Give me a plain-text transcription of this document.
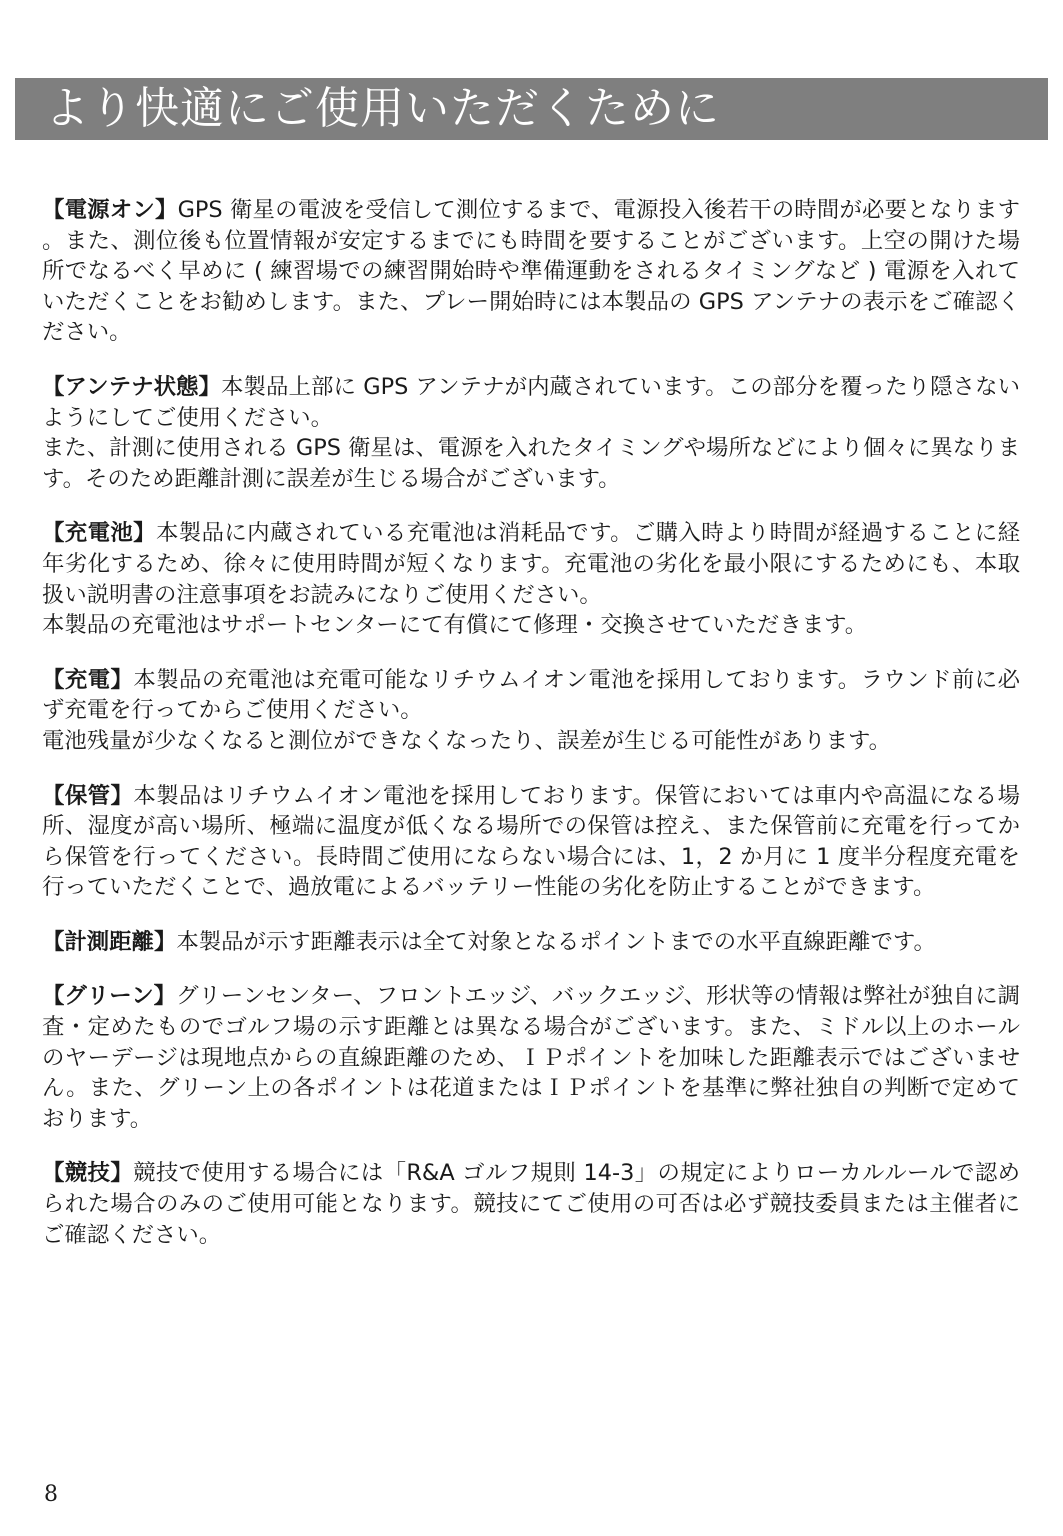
より快適にご使用いただくために

【電源オン】GPS 衛星の電波を受信して測位するまで、電源投入後若干の時間が必要となります。また、測位後も位置情報が安定するまでにも時間を要することがございます。上空の開けた場所でなるべく早めに ( 練習場での練習開始時や準備運動をされるタイミングなど ) 電源を入れていただくことをお勧めします。また、プレー開始時には本製品の GPS アンテナの表示をご確認ください。

【アンテナ状態】本製品上部に GPS アンテナが内蔵されています。この部分を覆ったり隠さないようにしてご使用ください。

また、計測に使用される GPS 衛星は、電源を入れたタイミングや場所などにより個々に異なります。そのため距離計測に誤差が生じる場合がございます。

【充電池】本製品に内蔵されている充電池は消耗品です。ご購入時より時間が経過することに経年劣化するため、徐々に使用時間が短くなります。充電池の劣化を最小限にするためにも、本取扱い説明書の注意事項をお読みになりご使用ください。

本製品の充電池はサポートセンターにて有償にて修理・交換させていただきます。

【充電】本製品の充電池は充電可能なリチウムイオン電池を採用しております。ラウンド前に必ず充電を行ってからご使用ください。

電池残量が少なくなると測位ができなくなったり、誤差が生じる可能性があります。

【保管】本製品はリチウムイオン電池を採用しております。保管においては車内や高温になる場所、湿度が高い場所、極端に温度が低くなる場所での保管は控え、また保管前に充電を行ってから保管を行ってください。長時間ご使用にならない場合には、1，2 か月に 1 度半分程度充電を行っていただくことで、過放電によるバッテリー性能の劣化を防止することができます。

【計測距離】本製品が示す距離表示は全て対象となるポイントまでの水平直線距離です。

【グリーン】グリーンセンター、フロントエッジ、バックエッジ、形状等の情報は弊社が独自に調査・定めたものでゴルフ場の示す距離とは異なる場合がございます。また、ミドル以上のホールのヤーデージは現地点からの直線距離のため、ＩＰポイントを加味した距離表示ではございません。また、グリーン上の各ポイントは花道またはＩＰポイントを基準に弊社独自の判断で定めております。

【競技】競技で使用する場合には「R&A ゴルフ規則 14-3」の規定によりローカルルールで認められた場合のみのご使用可能となります。競技にてご使用の可否は必ず競技委員または主催者にご確認ください。

8
